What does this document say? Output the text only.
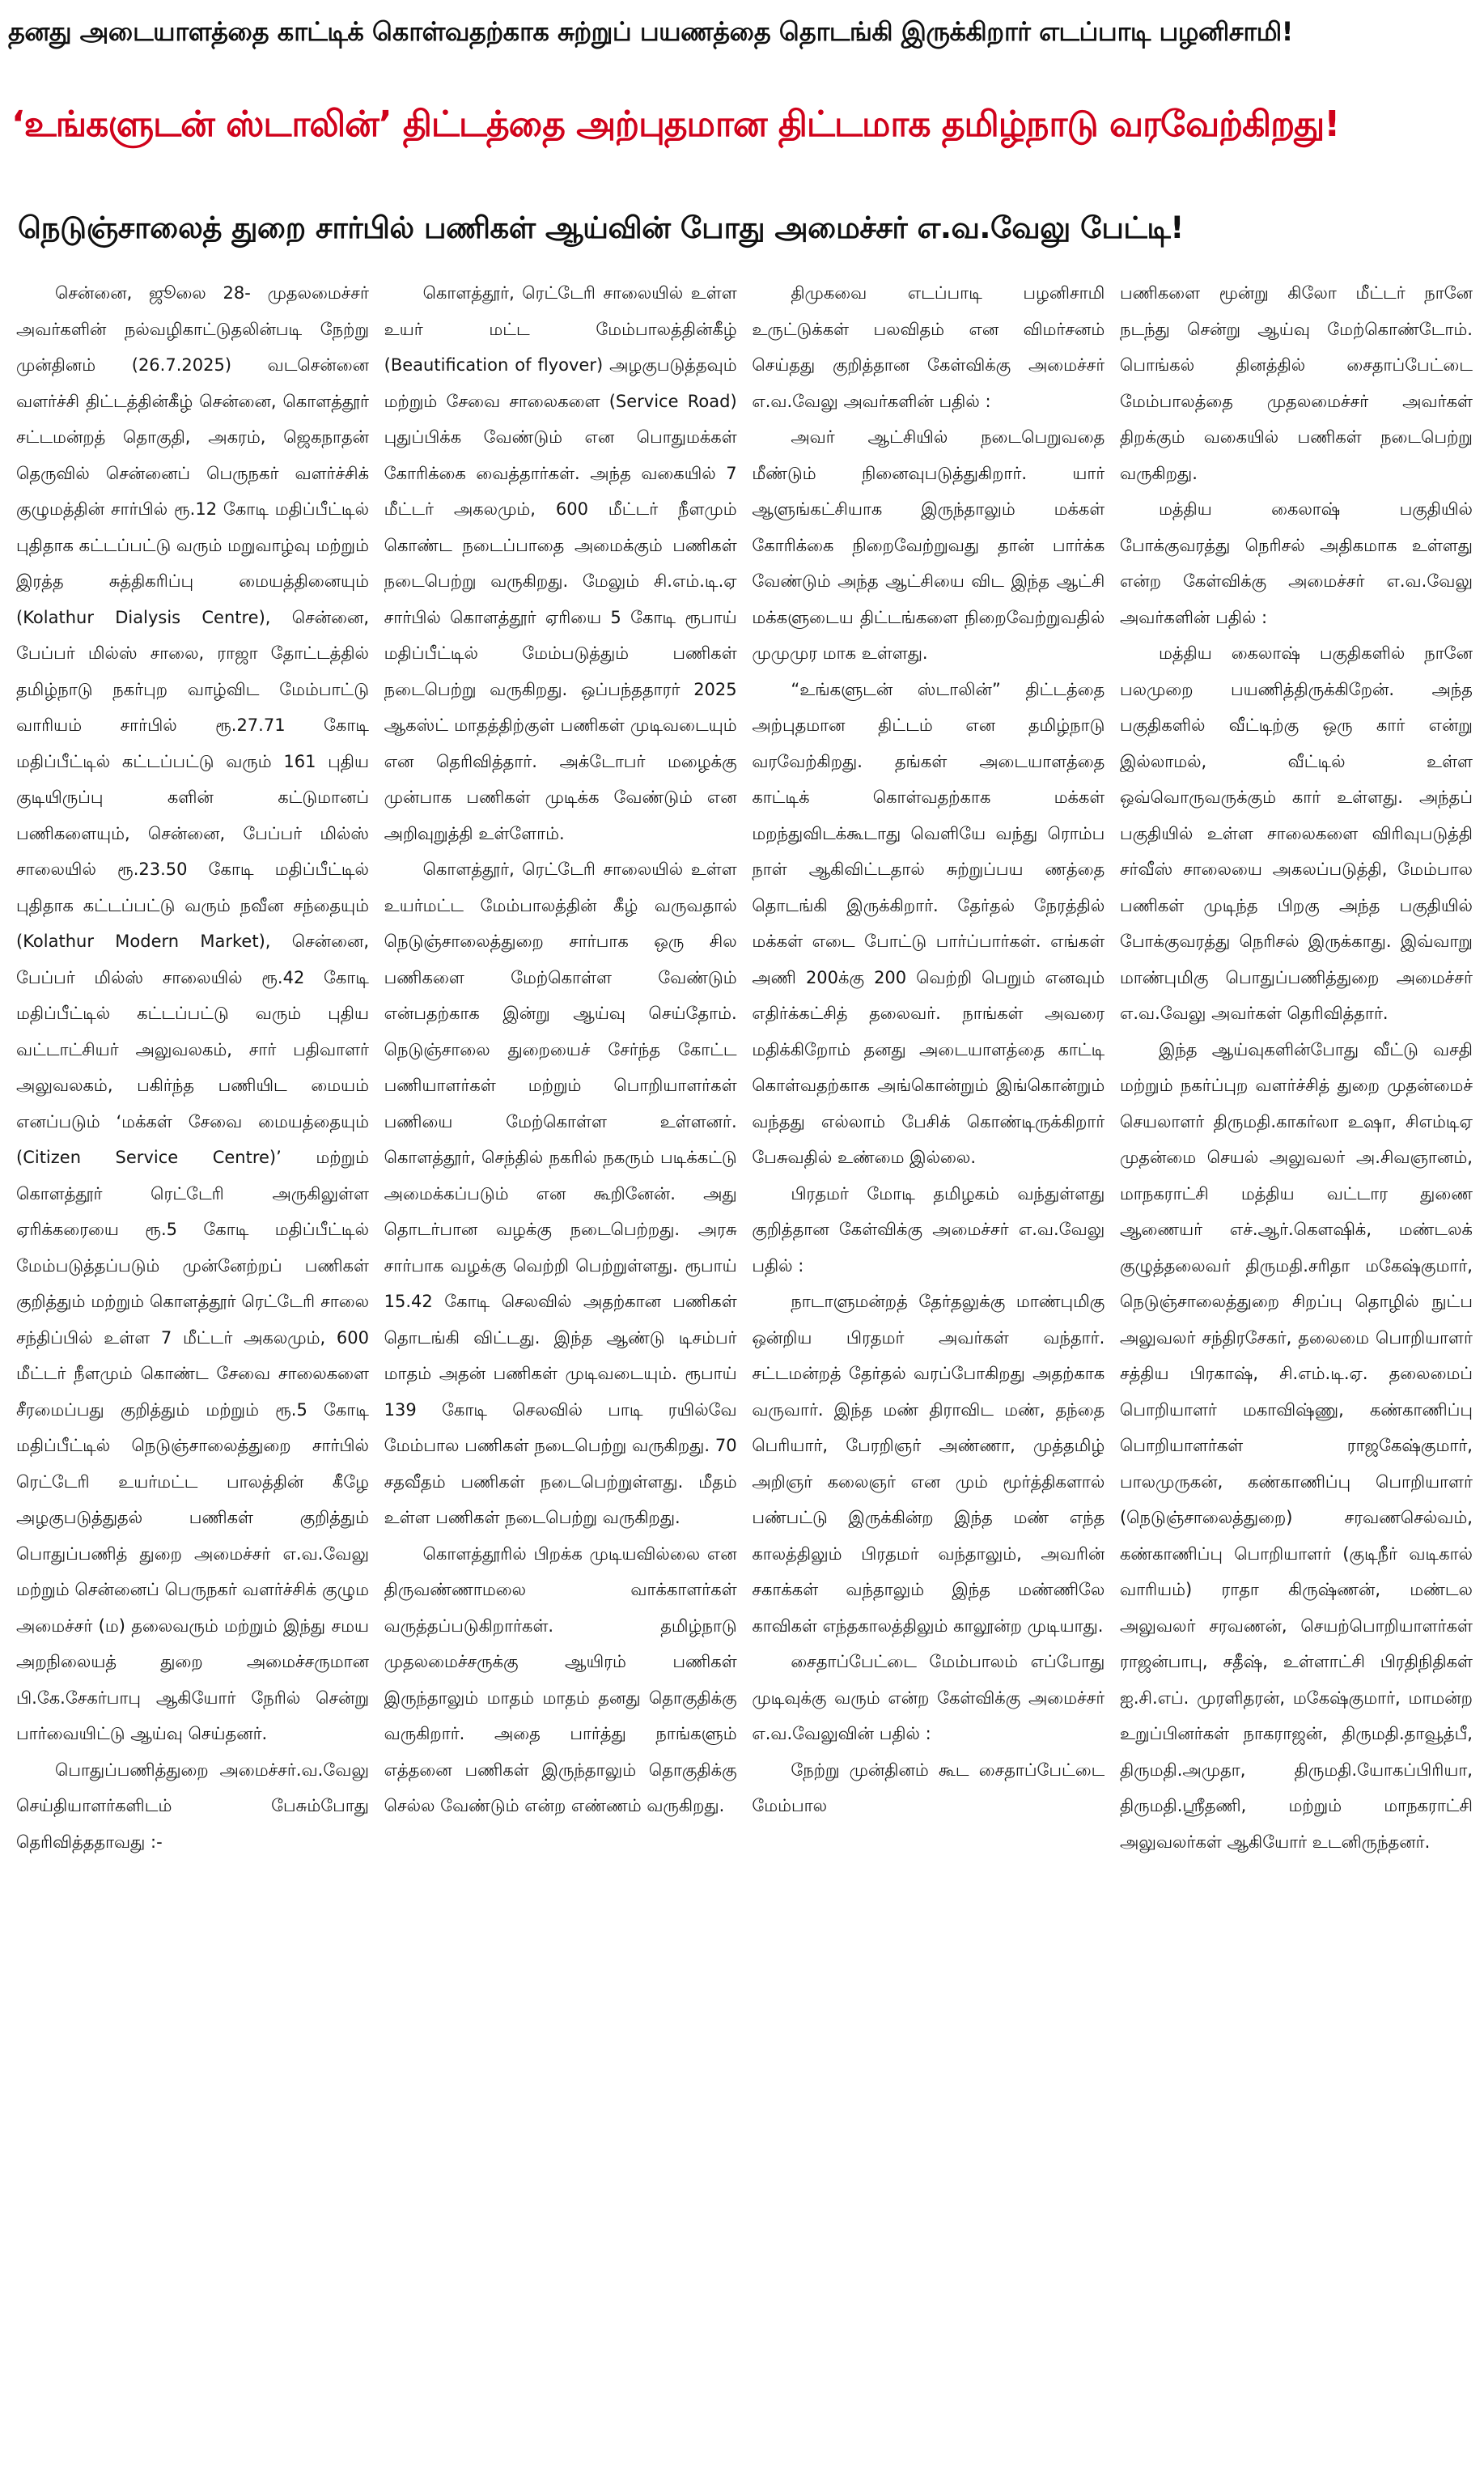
தனது அடையாளத்தை காட்டிக் கொள்வதற்காக சுற்றுப் பயணத்தை தொடங்கி இருக்கிறார் எடப்பாடி பழனிசாமி!
‘உங்களுடன் ஸ்டாலின்’ திட்டத்தை அற்புதமான திட்டமாக தமிழ்நாடு வரவேற்கிறது!
நெடுஞ்சாலைத் துறை சார்பில் பணிகள் ஆய்வின் போது அமைச்சர் எ.வ.வேலு பேட்டி!

சென்னை, ஜூலை 28- முதலமைச்சர் அவர்களின் நல்வழிகாட்டுதலின்படி நேற்று முன்தினம் (26.7.2025) வடசென்னை வளர்ச்சி திட்டத்தின்கீழ் சென்னை, கொளத்தூர் சட்டமன்றத் தொகுதி, அகரம், ஜெகநாதன் தெருவில் சென்னைப் பெருநகர் வளர்ச்சிக் குழுமத்தின் சார்பில் ரூ.12 கோடி மதிப்பீட்டில் புதிதாக கட்டப்பட்டு வரும் மறுவாழ்வு மற்றும் இரத்த சுத்திகரிப்பு மையத்தினையும் (Kolathur Dialysis Centre), சென்னை, பேப்பர் மில்ஸ் சாலை, ராஜா தோட்டத்தில் தமிழ்நாடு நகர்புற வாழ்விட மேம்பாட்டு வாரியம் சார்பில் ரூ.27.71 கோடி மதிப்பீட்டில் கட்டப்பட்டு வரும் 161 புதிய குடியிருப்பு களின் கட்டுமானப் பணிகளையும், சென்னை, பேப்பர் மில்ஸ் சாலையில் ரூ.23.50 கோடி மதிப்பீட்டில் புதிதாக கட்டப்பட்டு வரும் நவீன சந்தையும் (Kolathur Modern Market), சென்னை, பேப்பர் மில்ஸ் சாலையில் ரூ.42 கோடி மதிப்பீட்டில் கட்டப்பட்டு வரும் புதிய வட்டாட்சியர் அலுவலகம், சார் பதிவாளர் அலுவலகம், பகிர்ந்த பணியிட மையம் எனப்படும் ‘மக்கள் சேவை மையத்தையும் (Citizen Service Centre)’ மற்றும் கொளத்தூர் ரெட்டேரி அருகிலுள்ள ஏரிக்கரையை ரூ.5 கோடி மதிப்பீட்டில் மேம்படுத்தப்படும் முன்னேற்றப் பணிகள் குறித்தும் மற்றும் கொளத்தூர் ரெட்டேரி சாலை சந்திப்பில் உள்ள 7 மீட்டர் அகலமும், 600 மீட்டர் நீளமும் கொண்ட சேவை சாலைகளை சீரமைப்பது குறித்தும் மற்றும் ரூ.5 கோடி மதிப்பீட்டில் நெடுஞ்சாலைத்துறை சார்பில் ரெட்டேரி உயர்மட்ட பாலத்தின் கீழே அழகுபடுத்துதல் பணிகள் குறித்தும் பொதுப்பணித் துறை அமைச்சர் எ.வ.வேலு மற்றும் சென்னைப் பெருநகர் வளர்ச்சிக் குழும அமைச்சர் (ம) தலைவரும் மற்றும் இந்து சமய அறநிலையத் துறை அமைச்சருமான பி.கே.சேகர்பாபு ஆகியோர் நேரில் சென்று பார்வையிட்டு ஆய்வு செய்தனர்.

பொதுப்பணித்துறை அமைச்சர்.வ.வேலு செய்தியாளர்களிடம் பேசும்போது தெரிவித்ததாவது :-

கொளத்தூர், ரெட்டேரி சாலையில் உள்ள உயர் மட்ட மேம்பாலத்தின்கீழ் (Beautification of flyover) அழகுபடுத்தவும் மற்றும் சேவை சாலைகளை (Service Road) புதுப்பிக்க வேண்டும் என பொதுமக்கள் கோரிக்கை வைத்தார்கள். அந்த வகையில் 7 மீட்டர் அகலமும், 600 மீட்டர் நீளமும் கொண்ட நடைப்பாதை அமைக்கும் பணிகள் நடைபெற்று வருகிறது. மேலும் சி.எம்.டி.ஏ சார்பில் கொளத்தூர் ஏரியை 5 கோடி ரூபாய் மதிப்பீட்டில் மேம்படுத்தும் பணிகள் நடைபெற்று வருகிறது. ஒப்பந்ததாரர் 2025 ஆகஸ்ட் மாதத்திற்குள் பணிகள் முடிவடையும் என தெரிவித்தார். அக்டோபர் மழைக்கு முன்பாக பணிகள் முடிக்க வேண்டும் என அறிவுறுத்தி உள்ளோம்.

கொளத்தூர், ரெட்டேரி சாலையில் உள்ள உயர்மட்ட மேம்பாலத்தின் கீழ் வருவதால் நெடுஞ்சாலைத்துறை சார்பாக ஒரு சில பணிகளை மேற்கொள்ள வேண்டும் என்பதற்காக இன்று ஆய்வு செய்தோம். நெடுஞ்சாலை துறையைச் சேர்ந்த கோட்ட பணியாளர்கள் மற்றும் பொறியாளர்கள் பணியை மேற்கொள்ள உள்ளனர். கொளத்தூர், செந்தில் நகரில் நகரும் படிக்கட்டு அமைக்கப்படும் என கூறினேன். அது தொடர்பான வழக்கு நடைபெற்றது. அரசு சார்பாக வழக்கு வெற்றி பெற்றுள்ளது. ரூபாய் 15.42 கோடி செலவில் அதற்கான பணிகள் தொடங்கி விட்டது. இந்த ஆண்டு டிசம்பர் மாதம் அதன் பணிகள் முடிவடையும். ரூபாய் 139 கோடி செலவில் பாடி ரயில்வே மேம்பால பணிகள் நடைபெற்று வருகிறது. 70 சதவீதம் பணிகள் நடைபெற்றுள்ளது. மீதம் உள்ள பணிகள் நடைபெற்று வருகிறது.

கொளத்தூரில் பிறக்க முடியவில்லை என திருவண்ணாமலை வாக்காளர்கள் வருத்தப்படுகிறார்கள். தமிழ்நாடு முதலமைச்சருக்கு ஆயிரம் பணிகள் இருந்தாலும் மாதம் மாதம் தனது தொகுதிக்கு வருகிறார். அதை பார்த்து நாங்களும் எத்தனை பணிகள் இருந்தாலும் தொகுதிக்கு செல்ல வேண்டும் என்ற எண்ணம் வருகிறது.

திமுகவை எடப்பாடி பழனிசாமி உருட்டுக்கள் பலவிதம் என விமர்சனம் செய்தது குறித்தான கேள்விக்கு அமைச்சர் எ.வ.வேலு அவர்களின் பதில் :

அவர் ஆட்சியில் நடைபெறுவதை மீண்டும் நினைவுபடுத்துகிறார். யார் ஆளுங்கட்சியாக இருந்தாலும் மக்கள் கோரிக்கை நிறைவேற்றுவது தான் பார்க்க வேண்டும் அந்த ஆட்சியை விட இந்த ஆட்சி மக்களுடைய திட்டங்களை நிறைவேற்றுவதில் முமுமுர மாக உள்ளது.

“உங்களுடன் ஸ்டாலின்” திட்டத்தை அற்புதமான திட்டம் என தமிழ்நாடு வரவேற்கிறது. தங்கள் அடையாளத்தை காட்டிக் கொள்வதற்காக மக்கள் மறந்துவிடக்கூடாது வெளியே வந்து ரொம்ப நாள் ஆகிவிட்டதால் சுற்றுப்பய ணத்தை தொடங்கி இருக்கிறார். தேர்தல் நேரத்தில் மக்கள் எடை போட்டு பார்ப்பார்கள். எங்கள் அணி 200க்கு 200 வெற்றி பெறும் எனவும் எதிர்க்கட்சித் தலைவர். நாங்கள் அவரை மதிக்கிறோம் தனது அடையாளத்தை காட்டி கொள்வதற்காக அங்கொன்றும் இங்கொன்றும் வந்தது எல்லாம் பேசிக் கொண்டிருக்கிறார் பேசுவதில் உண்மை இல்லை.

பிரதமர் மோடி தமிழகம் வந்துள்ளது குறித்தான கேள்விக்கு அமைச்சர் எ.வ.வேலு பதில் :

நாடாளுமன்றத் தேர்தலுக்கு மாண்புமிகு ஒன்றிய பிரதமர் அவர்கள் வந்தார். சட்டமன்றத் தேர்தல் வரப்போகிறது அதற்காக வருவார். இந்த மண் திராவிட மண், தந்தை பெரியார், பேரறிஞர் அண்ணா, முத்தமிழ் அறிஞர் கலைஞர் என மும் மூர்த்திகளால் பண்பட்டு இருக்கின்ற இந்த மண் எந்த காலத்திலும் பிரதமர் வந்தாலும், அவரின் சகாக்கள் வந்தாலும் இந்த மண்ணிலே காவிகள் எந்தகாலத்திலும் காலூன்ற முடியாது.

சைதாப்பேட்டை மேம்பாலம் எப்போது முடிவுக்கு வரும் என்ற கேள்விக்கு அமைச்சர் எ.வ.வேலுவின் பதில் :

நேற்று முன்தினம் கூட சைதாப்பேட்டை மேம்பால

பணிகளை மூன்று கிலோ மீட்டர் நானே நடந்து சென்று ஆய்வு மேற்கொண்டோம். பொங்கல் தினத்தில் சைதாப்பேட்டை மேம்பாலத்தை முதலமைச்சர் அவர்கள் திறக்கும் வகையில் பணிகள் நடைபெற்று வருகிறது.

மத்திய கைலாஷ் பகுதியில் போக்குவரத்து நெரிசல் அதிகமாக உள்ளது என்ற கேள்விக்கு அமைச்சர் எ.வ.வேலு அவர்களின் பதில் :

மத்திய கைலாஷ் பகுதிகளில் நானே பலமுறை பயணித்திருக்கிறேன். அந்த பகுதிகளில் வீட்டிற்கு ஒரு கார் என்று இல்லாமல், வீட்டில் உள்ள ஒவ்வொருவருக்கும் கார் உள்ளது. அந்தப் பகுதியில் உள்ள சாலைகளை விரிவுபடுத்தி சர்வீஸ் சாலையை அகலப்படுத்தி, மேம்பால பணிகள் முடிந்த பிறகு அந்த பகுதியில் போக்குவரத்து நெரிசல் இருக்காது. இவ்வாறு மாண்புமிகு பொதுப்பணித்துறை அமைச்சர் எ.வ.வேலு அவர்கள் தெரிவித்தார்.

இந்த ஆய்வுகளின்போது வீட்டு வசதி மற்றும் நகர்ப்புற வளர்ச்சித் துறை முதன்மைச் செயலாளர் திருமதி.காகர்லா உஷா, சிஎம்டிஏ முதன்மை செயல் அலுவலர் அ.சிவஞானம், மாநகராட்சி மத்திய வட்டார துணை ஆணையர் எச்.ஆர்.கௌஷிக், மண்டலக் குழுத்தலைவர் திருமதி.சரிதா மகேஷ்குமார், நெடுஞ்சாலைத்துறை சிறப்பு தொழில் நுட்ப அலுவலர் சந்திரசேகர், தலைமை பொறியாளர் சத்திய பிரகாஷ், சி.எம்.டி.ஏ. தலைமைப் பொறியாளர் மகாவிஷ்ணு, கண்காணிப்பு பொறியாளர்கள் ராஜகேஷ்குமார், பாலமுருகன், கண்காணிப்பு பொறியாளர் (நெடுஞ்சாலைத்துறை) சரவணசெல்வம், கண்காணிப்பு பொறியாளர் (குடிநீர் வடிகால் வாரியம்) ராதா கிருஷ்ணன், மண்டல அலுவலர் சரவணன், செயற்பொறியாளர்கள் ராஜன்பாபு, சதீஷ், உள்ளாட்சி பிரதிநிதிகள் ஐ.சி.எப். முரளிதரன், மகேஷ்குமார், மாமன்ற உறுப்பினர்கள் நாகராஜன், திருமதி.தாவூத்பீ, திருமதி.அமுதா, திருமதி.யோகப்பிரியா, திருமதி.ஸ்ரீதணி, மற்றும் மாநகராட்சி அலுவலர்கள் ஆகியோர் உடனிருந்தனர்.
